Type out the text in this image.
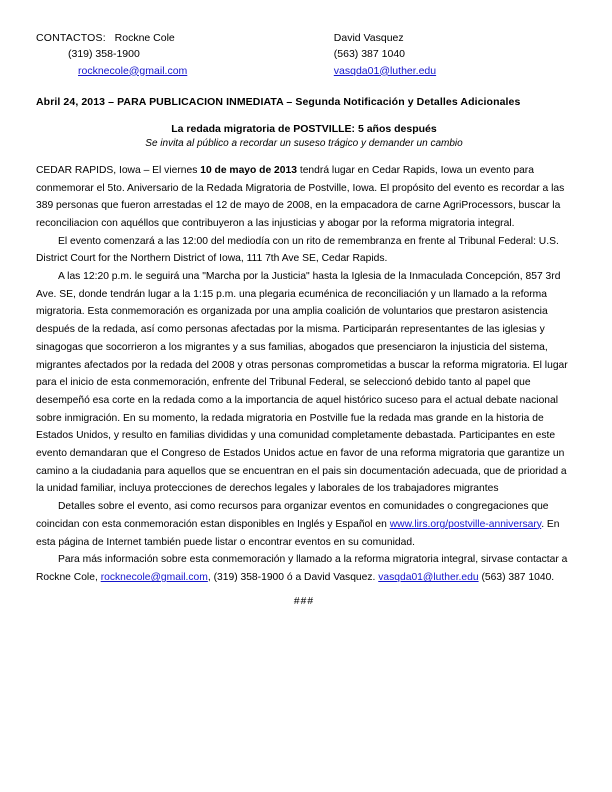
CONTACTOS: Rockne Cole
(319) 358-1900
rocknecole@gmail.com
David Vasquez
(563) 387 1040
vasqda01@luther.edu
Abril 24, 2013 – PARA PUBLICACION INMEDIATA – Segunda Notificación y Detalles Adicionales
La redada migratoria de POSTVILLE: 5 años después
Se invita al público a recordar un suseso trágico y demander un cambio

CEDAR RAPIDS, Iowa – El viernes 10 de mayo de 2013 tendrá lugar en Cedar Rapids, Iowa un evento para conmemorar el 5to. Aniversario de la Redada Migratoria de Postville, Iowa. El propósito del evento es recordar a las 389 personas que fueron arrestadas el 12 de mayo de 2008, en la empacadora de carne AgriProcessors, buscar la reconciliacion con aquéllos que contribuyeron a las injusticias y abogar por la reforma migratoria integral.

El evento comenzará a las 12:00 del mediodía con un rito de remembranza en frente al Tribunal Federal: U.S. District Court for the Northern District of Iowa, 111 7th Ave SE, Cedar Rapids.

A las 12:20 p.m. le seguirá una "Marcha por la Justicia" hasta la Iglesia de la Inmaculada Concepción, 857 3rd Ave. SE, donde tendrán lugar a la 1:15 p.m. una plegaria ecuménica de reconciliación y un llamado a la reforma migratoria. Esta conmemoración es organizada por una amplia coalición de voluntarios que prestaron asistencia después de la redada, así como personas afectadas por la misma. Participarán representantes de las iglesias y sinagogas que socorrieron a los migrantes y a sus familias, abogados que presenciaron la injusticia del sistema, migrantes afectados por la redada del 2008 y otras personas comprometidas a buscar la reforma migratoria. El lugar para el inicio de esta conmemoración, enfrente del Tribunal Federal, se seleccionó debido tanto al papel que desempeñó esa corte en la redada como a la importancia de aquel histórico suceso para el actual debate nacional sobre inmigración. En su momento, la redada migratoria en Postville fue la redada mas grande en la historia de Estados Unidos, y resulto en familias divididas y una comunidad completamente debastada. Participantes en este evento demandaran que el Congreso de Estados Unidos actue en favor de una reforma migratoria que garantize un camino a la ciudadania para aquellos que se encuentran en el pais sin documentación adecuada, que de prioridad a la unidad familiar, incluya protecciones de derechos legales y laborales de los trabajadores migrantes

Detalles sobre el evento, asi como recursos para organizar eventos en comunidades o congregaciones que coincidan con esta conmemoración estan disponibles en Inglés y Español en www.lirs.org/postville-anniversary. En esta página de Internet también puede listar o encontrar eventos en su comunidad.

Para más información sobre esta conmemoración y llamado a la reforma migratoria integral, sirvase contactar a Rockne Cole, rocknecole@gmail.com, (319) 358-1900 ó a David Vasquez. vasqda01@luther.edu (563) 387 1040.

###
